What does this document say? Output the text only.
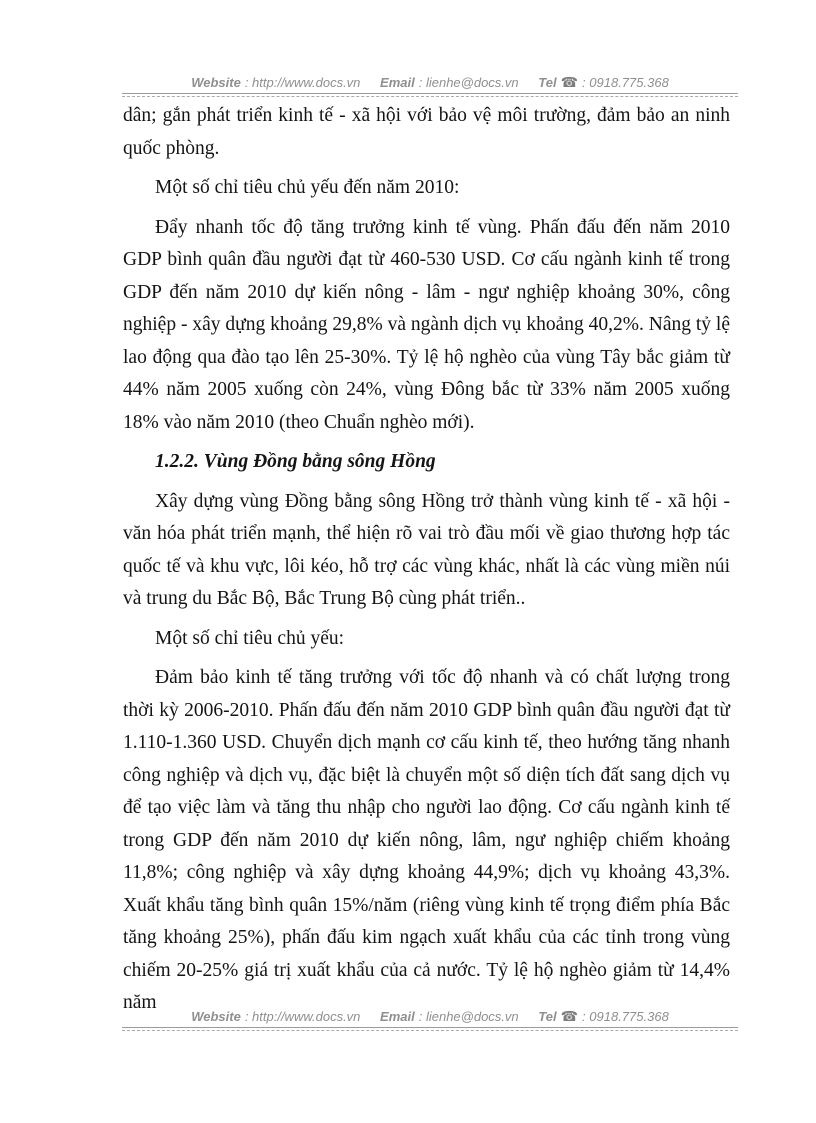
Website : http://www.docs.vn Email : lienhe@docs.vn Tel ☎ : 0918.775.368

dân; gắn phát triển kinh tế - xã hội với bảo vệ môi trường, đảm bảo an ninh quốc phòng.

Một số chỉ tiêu chủ yếu đến năm 2010:

Đẩy nhanh tốc độ tăng trưởng kinh tế vùng. Phấn đấu đến năm 2010 GDP bình quân đầu người đạt từ 460-530 USD. Cơ cấu ngành kinh tế trong GDP đến năm 2010 dự kiến nông - lâm - ngư nghiệp khoảng 30%, công nghiệp - xây dựng khoảng 29,8% và ngành dịch vụ khoảng 40,2%. Nâng tỷ lệ lao động qua đào tạo lên 25-30%. Tỷ lệ hộ nghèo của vùng Tây bắc giảm từ 44% năm 2005 xuống còn 24%, vùng Đông bắc từ 33% năm 2005 xuống 18% vào năm 2010 (theo Chuẩn nghèo mới).

1.2.2. Vùng Đồng bằng sông Hồng

Xây dựng vùng Đồng bằng sông Hồng trở thành vùng kinh tế - xã hội - văn hóa phát triển mạnh, thể hiện rõ vai trò đầu mối về giao thương hợp tác quốc tế và khu vực, lôi kéo, hỗ trợ các vùng khác, nhất là các vùng miền núi và trung du Bắc Bộ, Bắc Trung Bộ cùng phát triển..

Một số chỉ tiêu chủ yếu:

Đảm bảo kinh tế tăng trưởng với tốc độ nhanh và có chất lượng trong thời kỳ 2006-2010. Phấn đấu đến năm 2010 GDP bình quân đầu người đạt từ 1.110-1.360 USD. Chuyển dịch mạnh cơ cấu kinh tế, theo hướng tăng nhanh công nghiệp và dịch vụ, đặc biệt là chuyển một số diện tích đất sang dịch vụ để tạo việc làm và tăng thu nhập cho người lao động. Cơ cấu ngành kinh tế trong GDP đến năm 2010 dự kiến nông, lâm, ngư nghiệp chiếm khoảng 11,8%; công nghiệp và xây dựng khoảng 44,9%; dịch vụ khoảng 43,3%. Xuất khẩu tăng bình quân 15%/năm (riêng vùng kinh tế trọng điểm phía Bắc tăng khoảng 25%), phấn đấu kim ngạch xuất khẩu của các tỉnh trong vùng chiếm 20-25% giá trị xuất khẩu của cả nước. Tỷ lệ hộ nghèo giảm từ 14,4% năm

Website : http://www.docs.vn Email : lienhe@docs.vn Tel ☎ : 0918.775.368
